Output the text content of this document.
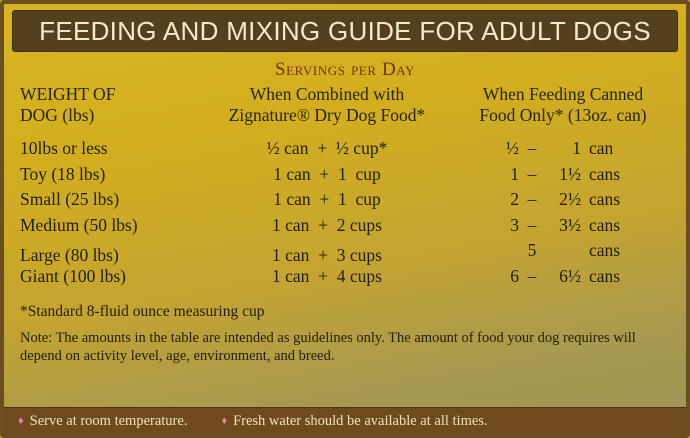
FEEDING AND MIXING GUIDE FOR ADULT DOGS
Servings per Day
WEIGHT OF
DOG (lbs)
When Combined with
Zignature® Dry Dog Food*
When Feeding Canned
Food Only* (13oz. can)
10lbs or less	½ can  +  ½ cup*	½ –	1 can
Toy (18 lbs)	1 can  +  1  cup	1 –	1½ cans
Small (25 lbs)	1 can  +  1  cup	2 –	2½ cans
Medium (50 lbs)	1 can  +  2 cups	3 –	3½ cans
Large (80 lbs)	1 can  +  3 cups	5	cans
Giant (100 lbs)	1 can  +  4 cups	6 –	6½ cans
*Standard 8-fluid ounce measuring cup
Note: The amounts in the table are intended as guidelines only. The amount of food your dog requires will depend on activity level, age, environment, and breed.
♦ Serve at room temperature.	♦ Fresh water should be available at all times.
